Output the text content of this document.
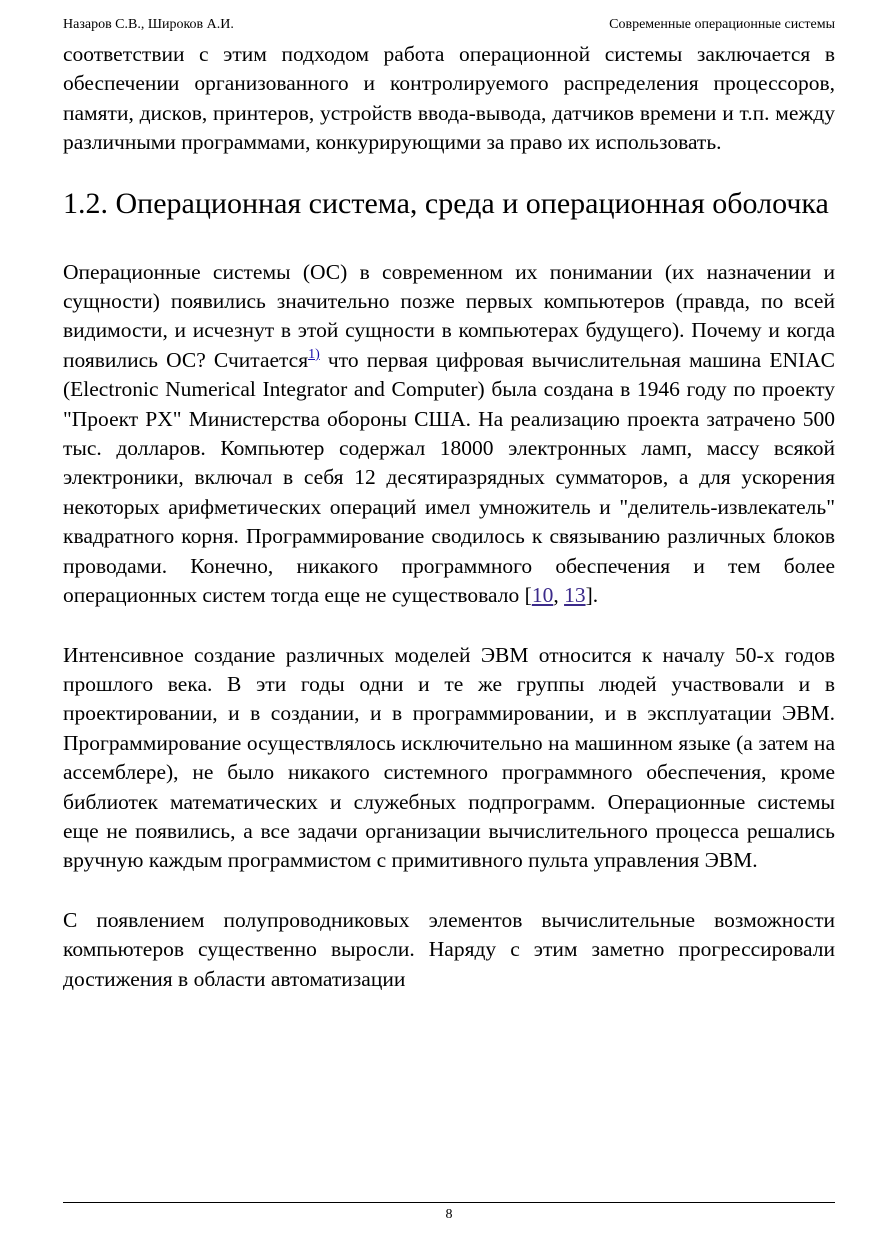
Назаров С.В., Широков А.И.	Современные операционные системы

соответствии с этим подходом работа операционной системы заключается в обеспечении организованного и контролируемого распределения процессоров, памяти, дисков, принтеров, устройств ввода-вывода, датчиков времени и т.п. между различными программами, конкурирующими за право их использовать.

1.2. Операционная система, среда и операционная оболочка

Операционные системы (ОС) в современном их понимании (их назначении и сущности) появились значительно позже первых компьютеров (правда, по всей видимости, и исчезнут в этой сущности в компьютерах будущего). Почему и когда появились ОС? Считается$^{1)}$ что первая цифровая вычислительная машина ENIAC (Electronic Numerical Integrator and Computer) была создана в 1946 году по проекту "Проект PX" Министерства обороны США. На реализацию проекта затрачено 500 тыс. долларов. Компьютер содержал 18000 электронных ламп, массу всякой электроники, включал в себя 12 десятиразрядных сумматоров, а для ускорения некоторых арифметических операций имел умножитель и "делитель-извлекатель" квадратного корня. Программирование сводилось к связыванию различных блоков проводами. Конечно, никакого программного обеспечения и тем более операционных систем тогда еще не существовало [10, 13].

Интенсивное создание различных моделей ЭВМ относится к началу 50-х годов прошлого века. В эти годы одни и те же группы людей участвовали и в проектировании, и в создании, и в программировании, и в эксплуатации ЭВМ. Программирование осуществлялось исключительно на машинном языке (а затем на ассемблере), не было никакого системного программного обеспечения, кроме библиотек математических и служебных подпрограмм. Операционные системы еще не появились, а все задачи организации вычислительного процесса решались вручную каждым программистом с примитивного пульта управления ЭВМ.

С появлением полупроводниковых элементов вычислительные возможности компьютеров существенно выросли. Наряду с этим заметно прогрессировали достижения в области автоматизации

8
